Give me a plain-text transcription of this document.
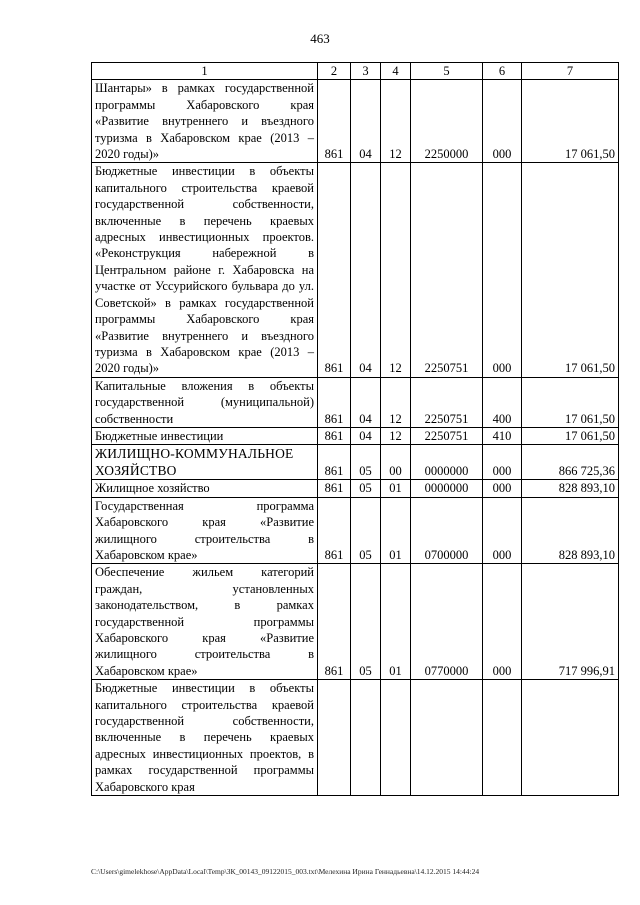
463
1	2	3	4	5	6	7
Шантары» в рамках государственной программы Хабаровского края «Развитие внутреннего и въездного туризма в Хабаровском крае (2013 – 2020 годы)»	861	04	12	2250000	000	17 061,50
Бюджетные инвестиции в объекты капитального строительства краевой государственной собственности, включенные в перечень краевых адресных инвестиционных проектов. «Реконструкция набережной в Центральном районе г. Хабаровска на участке от Уссурийского бульвара до ул. Советской» в рамках государственной программы Хабаровского края «Развитие внутреннего и въездного туризма в Хабаровском крае (2013 – 2020 годы)»	861	04	12	2250751	000	17 061,50
Капитальные вложения в объекты государственной (муниципальной) собственности	861	04	12	2250751	400	17 061,50
Бюджетные инвестиции	861	04	12	2250751	410	17 061,50
ЖИЛИЩНО-КОММУНАЛЬНОЕ ХОЗЯЙСТВО	861	05	00	0000000	000	866 725,36
Жилищное хозяйство	861	05	01	0000000	000	828 893,10
Государственная программа Хабаровского края «Развитие жилищного строительства в Хабаровском крае»	861	05	01	0700000	000	828 893,10
Обеспечение жильем категорий граждан, установленных законодательством, в рамках государственной программы Хабаровского края «Развитие жилищного строительства в Хабаровском крае»	861	05	01	0770000	000	717 996,91
Бюджетные инвестиции в объекты капитального строительства краевой государственной собственности, включенные в перечень краевых адресных инвестиционных проектов, в рамках государственной программы Хабаровского края						
C:\Users\gimelekhose\AppData\Local\Temp\ЗК_00143_09122015_003.txt\Мелехина Ирина Геннадьевна\14.12.2015 14:44:24
